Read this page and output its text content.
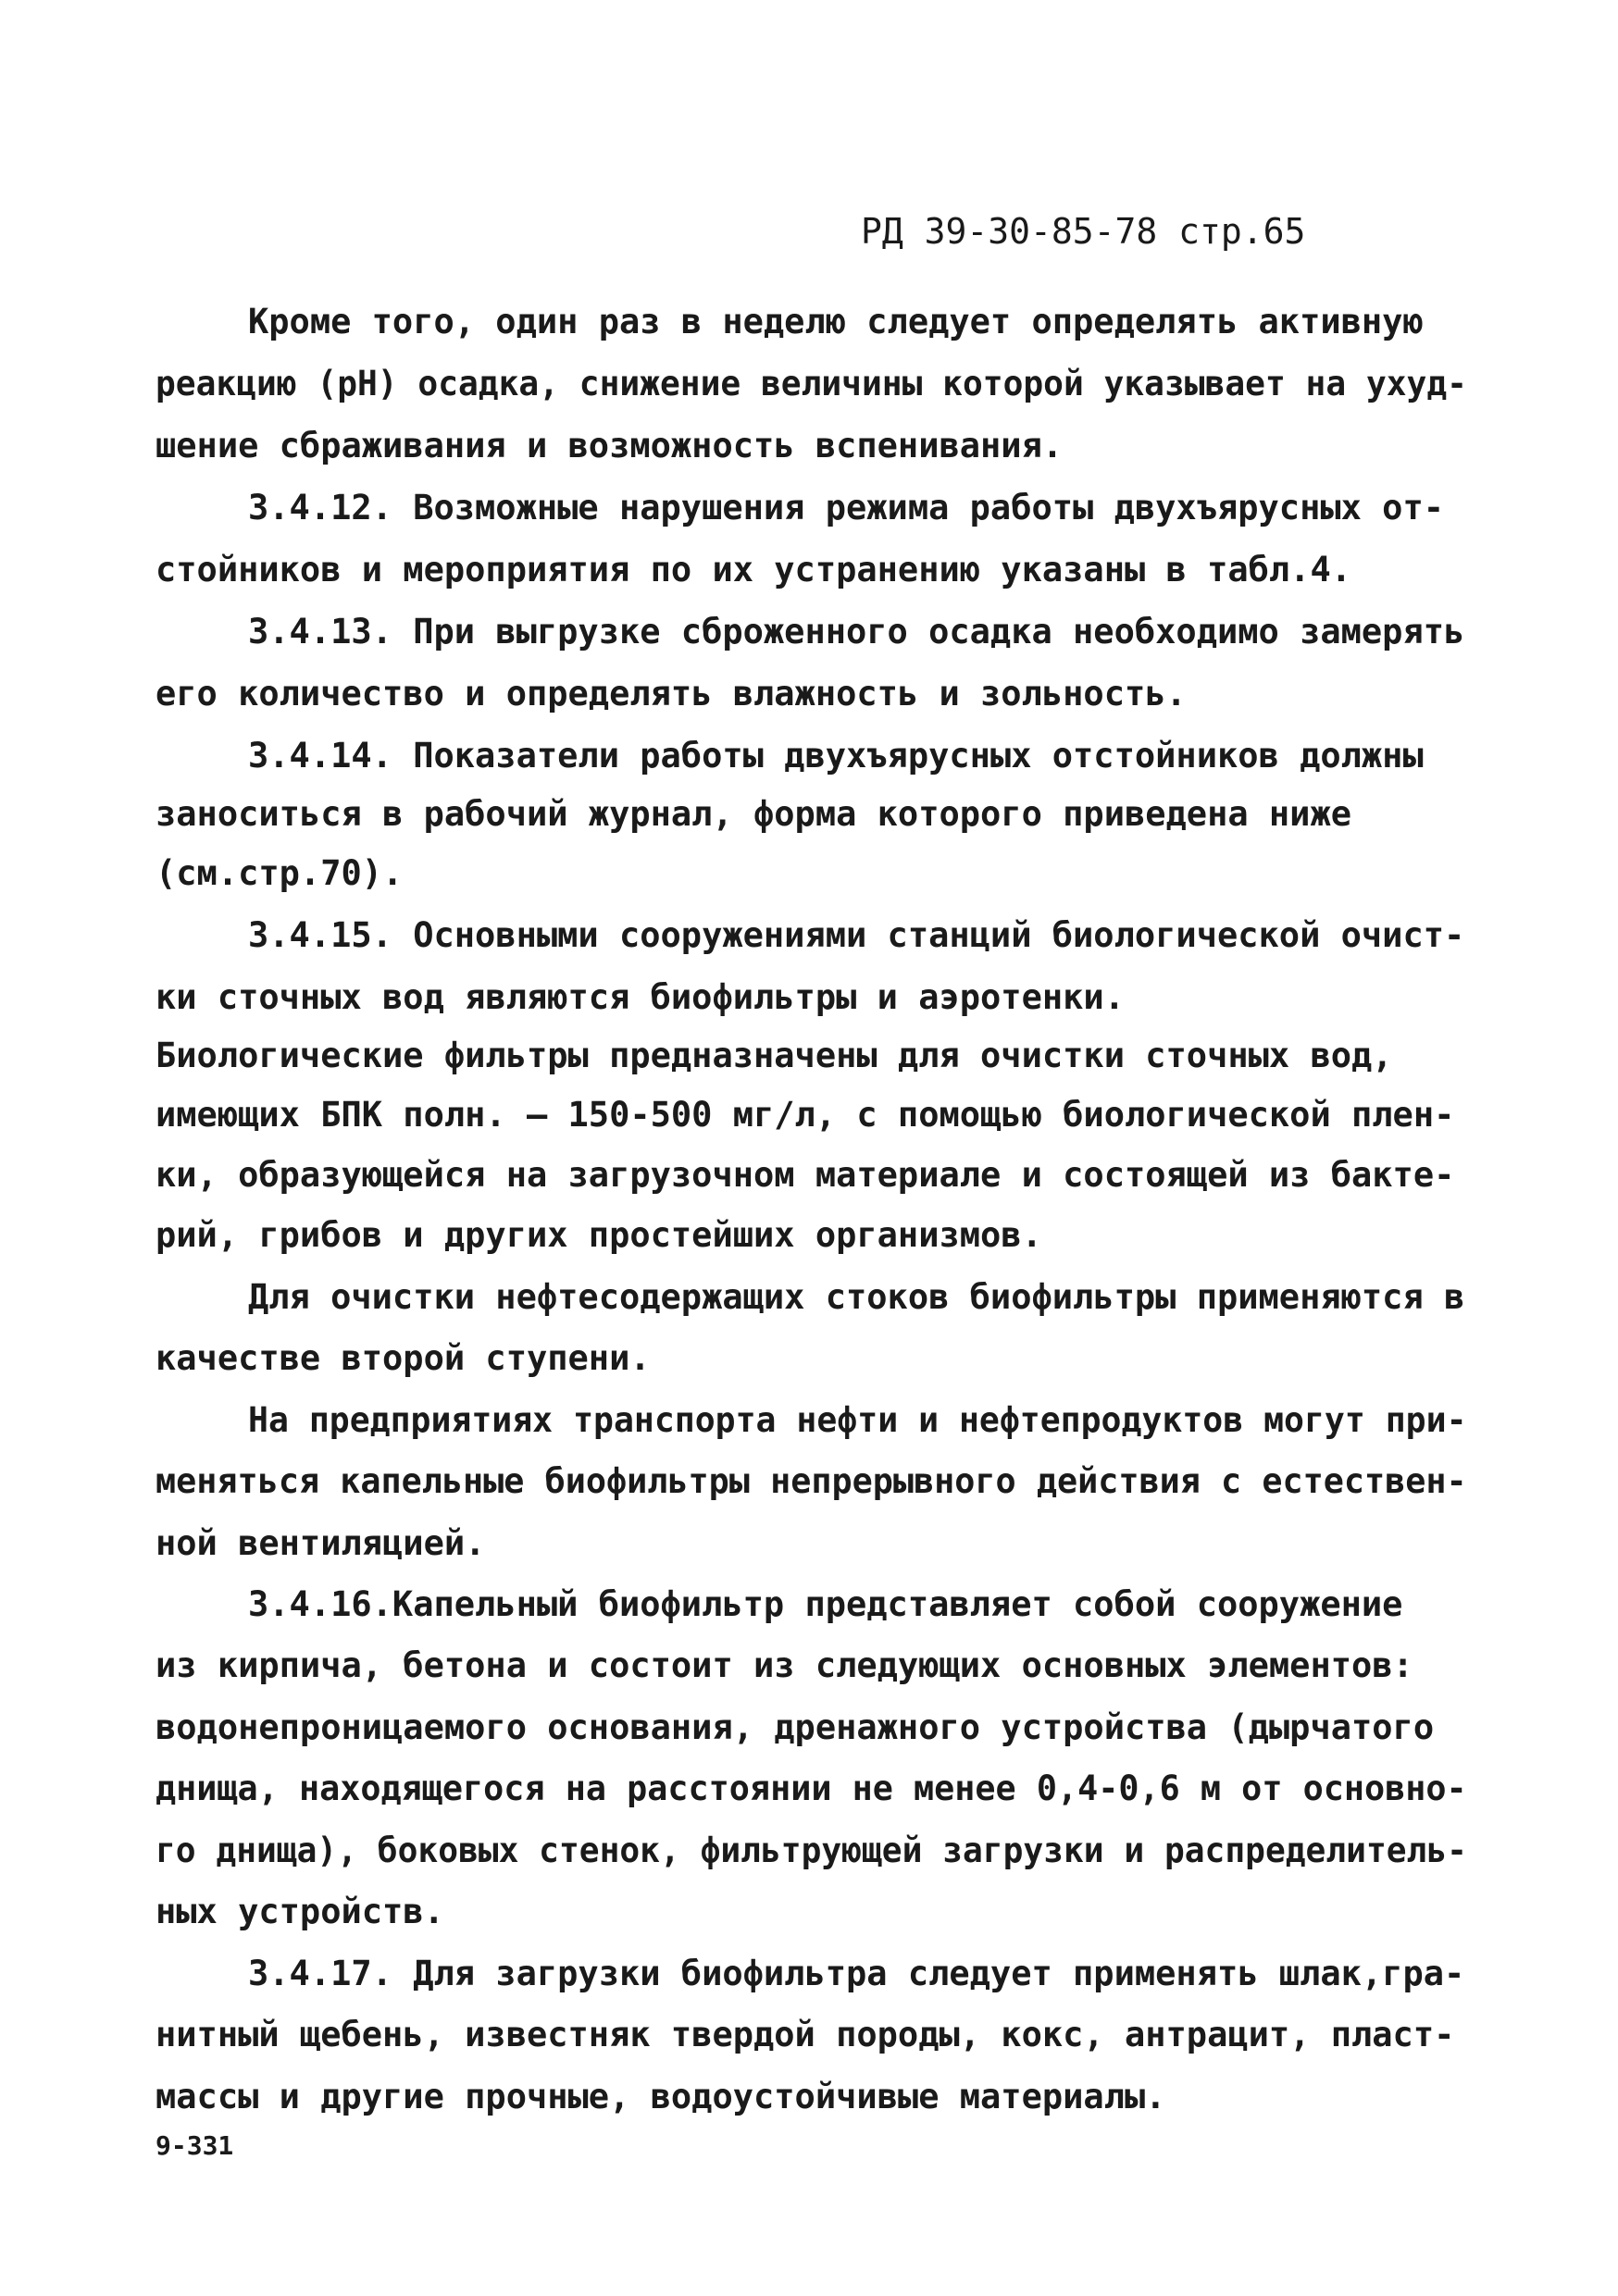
РД 39-30-85-78 стр.65
Кроме того, один раз в неделю следует определять активную
реакцию (pH) осадка, снижение величины которой указывает на ухуд-
шение сбраживания и возможность вспенивания.
3.4.12. Возможные нарушения режима работы двухъярусных от-
стойников и мероприятия по их устранению указаны в табл.4.
3.4.13. При выгрузке сброженного осадка необходимо замерять
его количество и определять влажность и зольность.
3.4.14. Показатели работы двухъярусных отстойников должны
заноситься в рабочий журнал, форма которого приведена ниже
(см.стр.70).
3.4.15. Основными сооружениями станций биологической очист-
ки сточных вод являются биофильтры и аэротенки.
Биологические фильтры предназначены для очистки сточных вод,
имеющих БПК полн. — 150-500 мг/л, с помощью биологической плен-
ки, образующейся на загрузочном материале и состоящей из бакте-
рий, грибов и других простейших организмов.
Для очистки нефтесодержащих стоков биофильтры применяются в
качестве второй ступени.
На предприятиях транспорта нефти и нефтепродуктов могут при-
меняться капельные биофильтры непрерывного действия с естествен-
ной вентиляцией.
3.4.16.Капельный биофильтр представляет собой сооружение
из кирпича, бетона и состоит из следующих основных элементов:
водонепроницаемого основания, дренажного устройства (дырчатого
днища, находящегося на расстоянии не менее 0,4-0,6 м от основно-
го днища), боковых стенок, фильтрующей загрузки и распределитель-
ных устройств.
3.4.17. Для загрузки биофильтра следует применять шлак,гра-
нитный щебень, известняк твердой породы, кокс, антрацит, пласт-
массы и другие прочные, водоустойчивые материалы.
9-331
